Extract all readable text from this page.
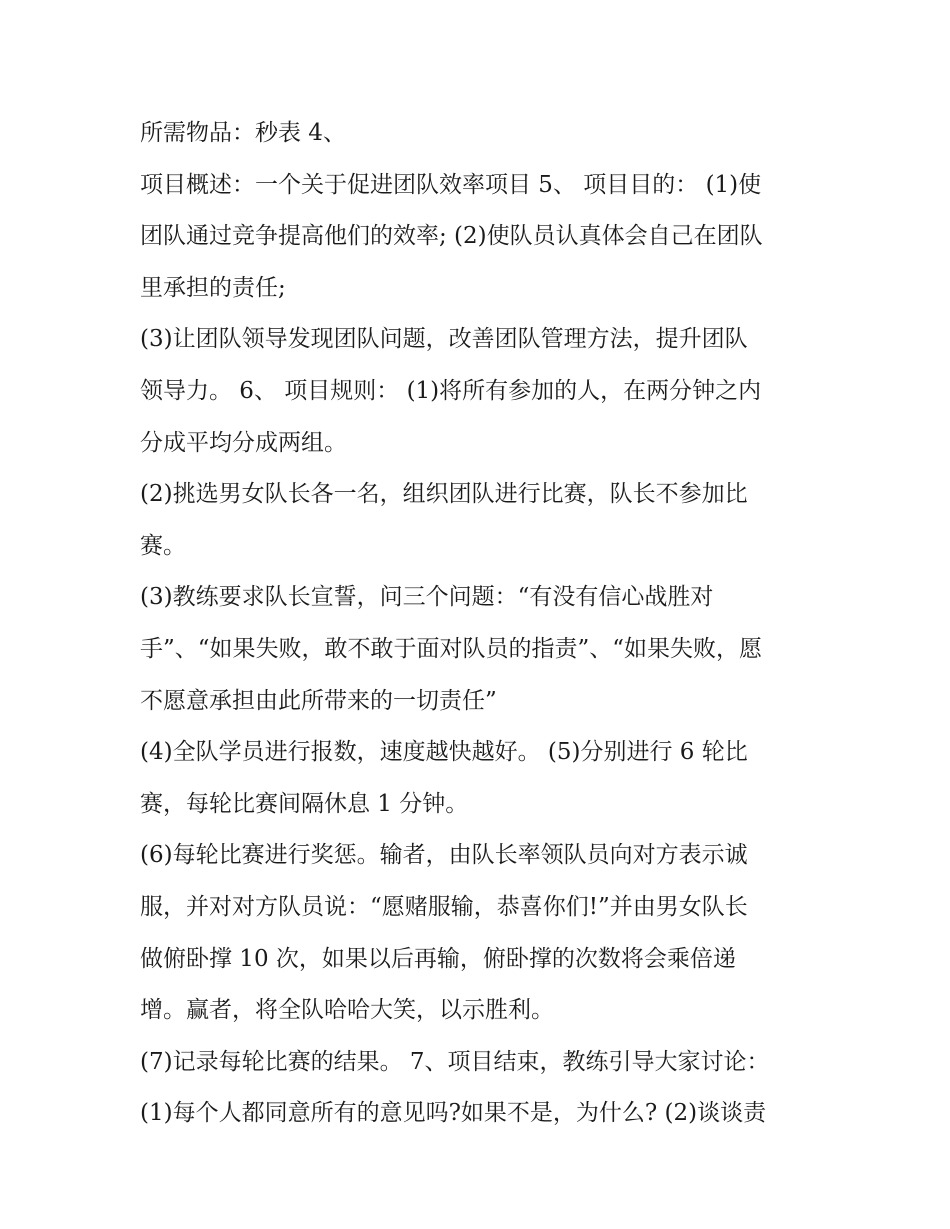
所需物品：秒表 4、
项目概述：一个关于促进团队效率项目 5、 项目目的： (1)使
团队通过竞争提高他们的效率; (2)使队员认真体会自己在团队
里承担的责任;
(3)让团队领导发现团队问题，改善团队管理方法，提升团队
领导力。 6、 项目规则： (1)将所有参加的人，在两分钟之内
分成平均分成两组。
(2)挑选男女队长各一名，组织团队进行比赛，队长不参加比
赛。
(3)教练要求队长宣誓，问三个问题：“有没有信心战胜对
手”、“如果失败，敢不敢于面对队员的指责”、“如果失败，愿
不愿意承担由此所带来的一切责任”
(4)全队学员进行报数，速度越快越好。 (5)分别进行 6 轮比
赛，每轮比赛间隔休息 1 分钟。
(6)每轮比赛进行奖惩。输者，由队长率领队员向对方表示诚
服，并对对方队员说：“愿赌服输，恭喜你们!”并由男女队长
做俯卧撑 10 次，如果以后再输，俯卧撑的次数将会乘倍递
增。赢者，将全队哈哈大笑，以示胜利。
(7)记录每轮比赛的结果。 7、项目结束，教练引导大家讨论：
(1)每个人都同意所有的意见吗?如果不是，为什么? (2)谈谈责
